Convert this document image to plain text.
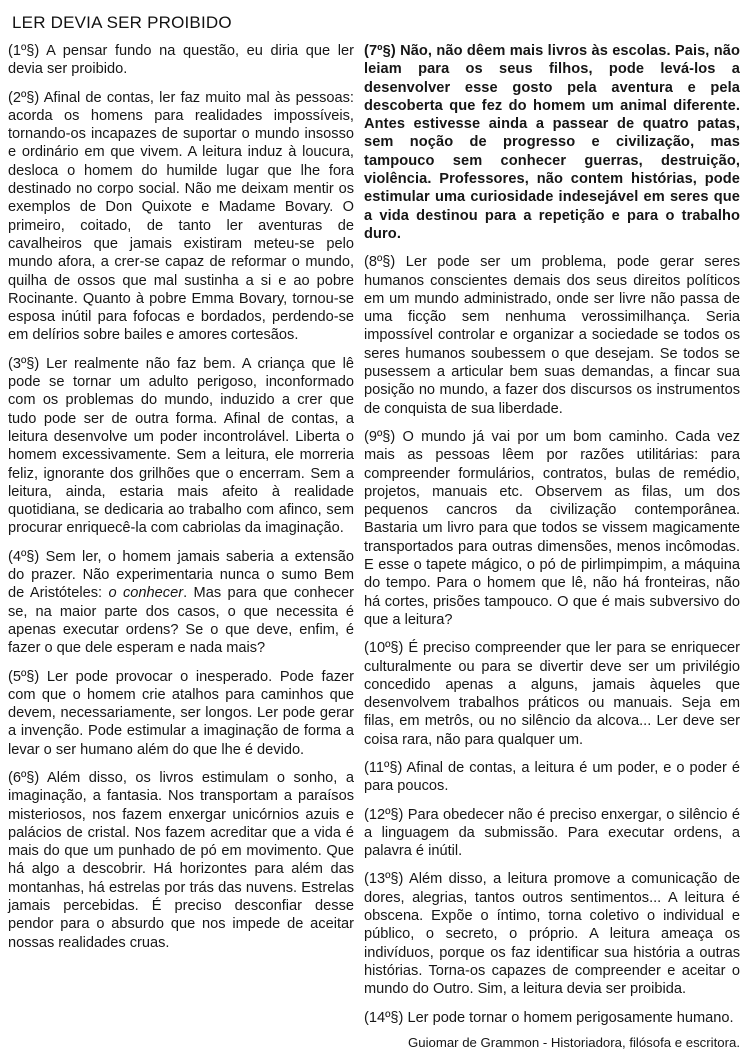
LER DEVIA SER PROIBIDO

(1º§) A pensar fundo na questão, eu diria que ler devia ser proibido.

(2º§) Afinal de contas, ler faz muito mal às pessoas: acorda os homens para realidades impossíveis, tornando-os incapazes de suportar o mundo insosso e ordinário em que vivem. A leitura induz à loucura, desloca o homem do humilde lugar que lhe fora destinado no corpo social. Não me deixam mentir os exemplos de Don Quixote e Madame Bovary. O primeiro, coitado, de tanto ler aventuras de cavalheiros que jamais existiram meteu-se pelo mundo afora, a crer-se capaz de reformar o mundo, quilha de ossos que mal sustinha a si e ao pobre Rocinante. Quanto à pobre Emma Bovary, tornou-se esposa inútil para fofocas e bordados, perdendo-se em delírios sobre bailes e amores cortesãos.

(3º§) Ler realmente não faz bem. A criança que lê pode se tornar um adulto perigoso, inconformado com os problemas do mundo, induzido a crer que tudo pode ser de outra forma. Afinal de contas, a leitura desenvolve um poder incontrolável. Liberta o homem excessivamente. Sem a leitura, ele morreria feliz, ignorante dos grilhões que o encerram. Sem a leitura, ainda, estaria mais afeito à realidade quotidiana, se dedicaria ao trabalho com afinco, sem procurar enriquecê-la com cabriolas da imaginação.

(4º§) Sem ler, o homem jamais saberia a extensão do prazer. Não experimentaria nunca o sumo Bem de Aristóteles: o conhecer. Mas para que conhecer se, na maior parte dos casos, o que necessita é apenas executar ordens? Se o que deve, enfim, é fazer o que dele esperam e nada mais?

(5º§) Ler pode provocar o inesperado. Pode fazer com que o homem crie atalhos para caminhos que devem, necessariamente, ser longos. Ler pode gerar a invenção. Pode estimular a imaginação de forma a levar o ser humano além do que lhe é devido.

(6º§) Além disso, os livros estimulam o sonho, a imaginação, a fantasia. Nos transportam a paraísos misteriosos, nos fazem enxergar unicórnios azuis e palácios de cristal. Nos fazem acreditar que a vida é mais do que um punhado de pó em movimento. Que há algo a descobrir. Há horizontes para além das montanhas, há estrelas por trás das nuvens. Estrelas jamais percebidas. É preciso desconfiar desse pendor para o absurdo que nos impede de aceitar nossas realidades cruas.

(7º§) Não, não dêem mais livros às escolas. Pais, não leiam para os seus filhos, pode levá-los a desenvolver esse gosto pela aventura e pela descoberta que fez do homem um animal diferente. Antes estivesse ainda a passear de quatro patas, sem noção de progresso e civilização, mas tampouco sem conhecer guerras, destruição, violência. Professores, não contem histórias, pode estimular uma curiosidade indesejável em seres que a vida destinou para a repetição e para o trabalho duro.

(8º§) Ler pode ser um problema, pode gerar seres humanos conscientes demais dos seus direitos políticos em um mundo administrado, onde ser livre não passa de uma ficção sem nenhuma verossimilhança. Seria impossível controlar e organizar a sociedade se todos os seres humanos soubessem o que desejam. Se todos se pusessem a articular bem suas demandas, a fincar sua posição no mundo, a fazer dos discursos os instrumentos de conquista de sua liberdade.

(9º§) O mundo já vai por um bom caminho. Cada vez mais as pessoas lêem por razões utilitárias: para compreender formulários, contratos, bulas de remédio, projetos, manuais etc. Observem as filas, um dos pequenos cancros da civilização contemporânea. Bastaria um livro para que todos se vissem magicamente transportados para outras dimensões, menos incômodas. E esse o tapete mágico, o pó de pirlimpimpim, a máquina do tempo. Para o homem que lê, não há fronteiras, não há cortes, prisões tampouco. O que é mais subversivo do que a leitura?

(10º§) É preciso compreender que ler para se enriquecer culturalmente ou para se divertir deve ser um privilégio concedido apenas a alguns, jamais àqueles que desenvolvem trabalhos práticos ou manuais. Seja em filas, em metrôs, ou no silêncio da alcova... Ler deve ser coisa rara, não para qualquer um.

(11º§) Afinal de contas, a leitura é um poder, e o poder é para poucos.

(12º§) Para obedecer não é preciso enxergar, o silêncio é a linguagem da submissão. Para executar ordens, a palavra é inútil.

(13º§) Além disso, a leitura promove a comunicação de dores, alegrias, tantos outros sentimentos... A leitura é obscena. Expõe o íntimo, torna coletivo o individual e público, o secreto, o próprio. A leitura ameaça os indivíduos, porque os faz identificar sua história a outras histórias. Torna-os capazes de compreender e aceitar o mundo do Outro. Sim, a leitura devia ser proibida.

(14º§) Ler pode tornar o homem perigosamente humano.

Guiomar de Grammon - Historiadora, filósofa e escritora.
